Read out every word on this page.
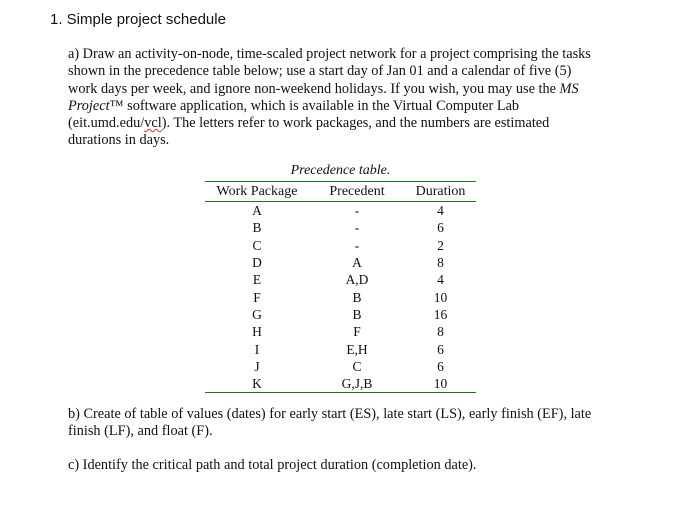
1. Simple project schedule
a) Draw an activity-on-node, time-scaled project network for a project comprising the tasks
shown in the precedence table below; use a start day of Jan 01 and a calendar of five (5)
work days per week, and ignore non-weekend holidays. If you wish, you may use the MS
Project™ software application, which is available in the Virtual Computer Lab
(eit.umd.edu/vcl). The letters refer to work packages, and the numbers are estimated
durations in days.
Precedence table.
Work Package	Precedent	Duration
A	-	4
B	-	6
C	-	2
D	A	8
E	A,D	4
F	B	10
G	B	16
H	F	8
I	E,H	6
J	C	6
K	G,J,B	10
b) Create of table of values (dates) for early start (ES), late start (LS), early finish (EF), late
finish (LF), and float (F).
c) Identify the critical path and total project duration (completion date).
